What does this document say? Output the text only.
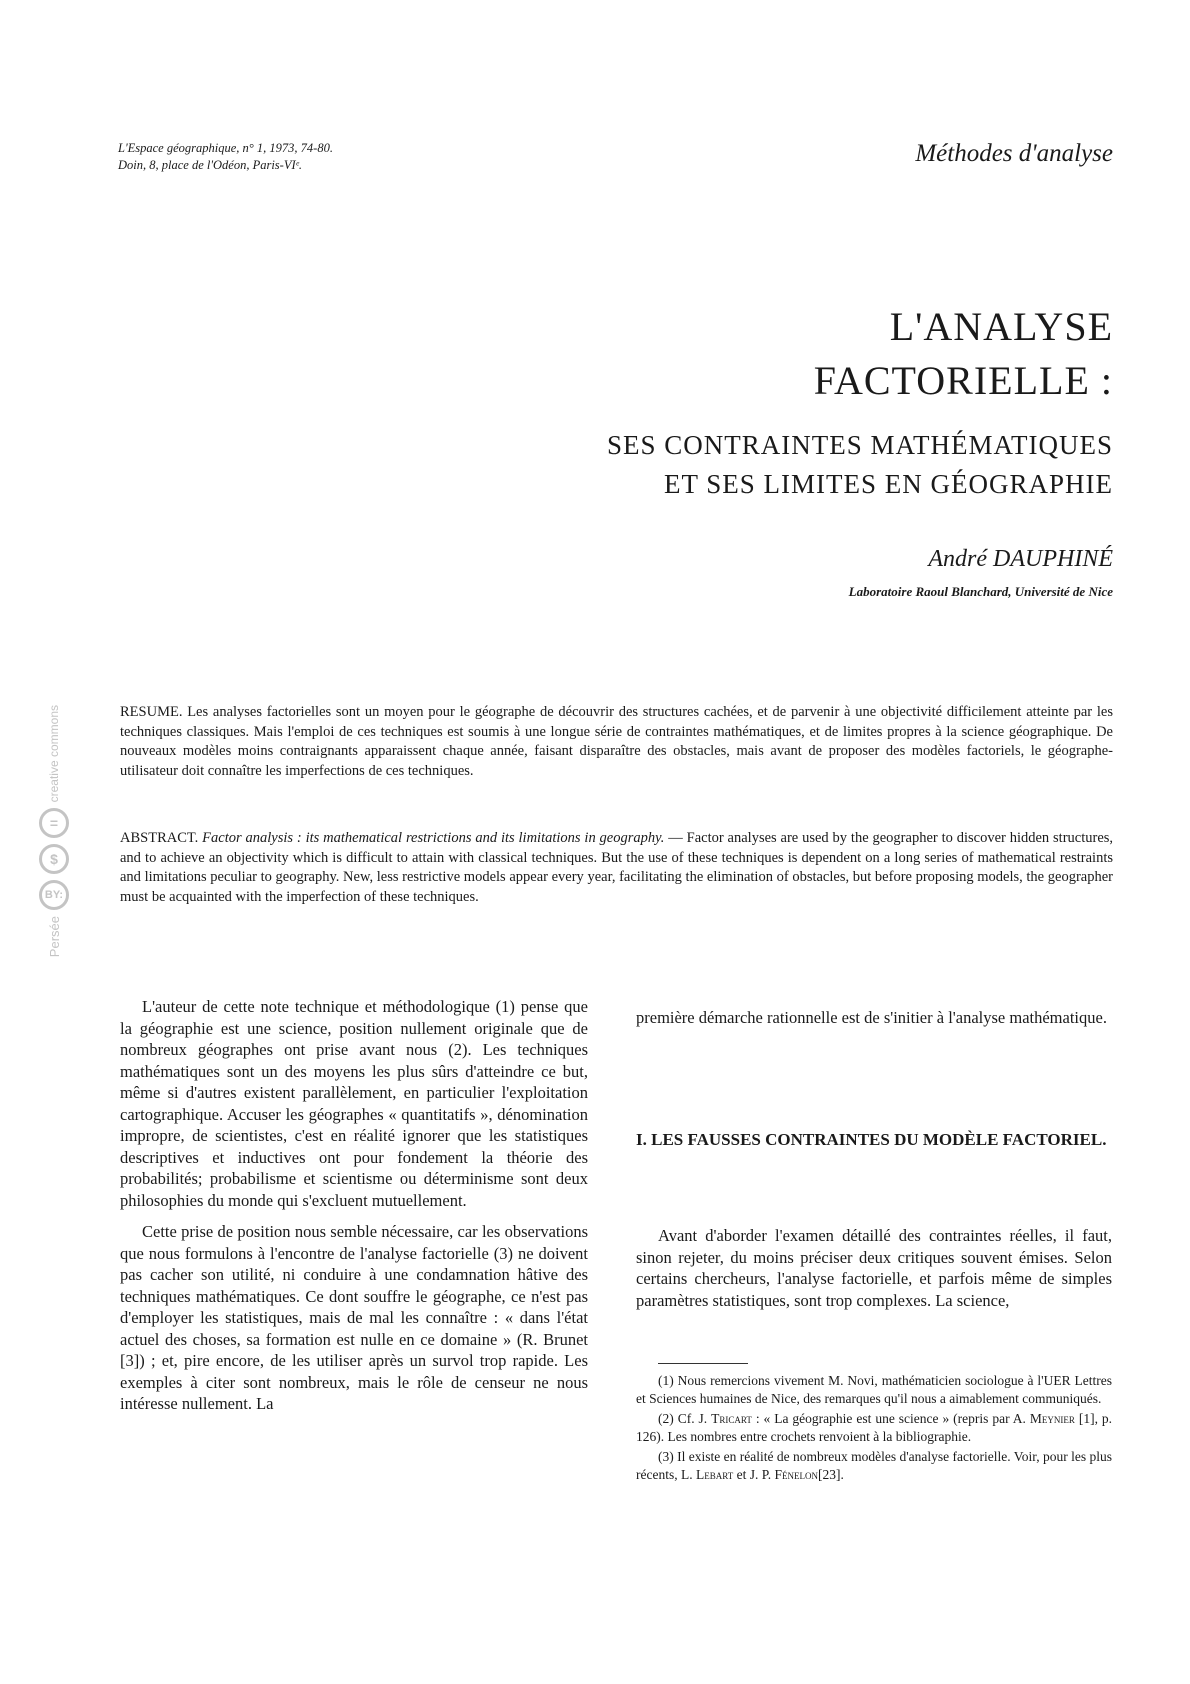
L'Espace géographique, n° 1, 1973, 74-80.
Doin, 8, place de l'Odéon, Paris-VIᵉ.	Méthodes d'analyse
L'ANALYSE
FACTORIELLE :
SES CONTRAINTES MATHÉMATIQUES
ET SES LIMITES EN GÉOGRAPHIE
André DAUPHINÉ
Laboratoire Raoul Blanchard, Université de Nice
creative commons
=
$
BY:
Persée
RESUME. Les analyses factorielles sont un moyen pour le géographe de découvrir des structures cachées, et de parvenir à une objectivité difficilement atteinte par les techniques classiques. Mais l'emploi de ces techniques est soumis à une longue série de contraintes mathématiques, et de limites propres à la science géographique. De nouveaux modèles moins contraignants apparaissent chaque année, faisant disparaître des obstacles, mais avant de proposer des modèles factoriels, le géographe-utilisateur doit connaître les imperfections de ces techniques.
ABSTRACT. Factor analysis : its mathematical restrictions and its limitations in geography. — Factor analyses are used by the geographer to discover hidden structures, and to achieve an objectivity which is difficult to attain with classical techniques. But the use of these techniques is dependent on a long series of mathematical restraints and limitations peculiar to geography. New, less restrictive models appear every year, facilitating the elimination of obstacles, but before proposing models, the geographer must be acquainted with the imperfection of these techniques.

L'auteur de cette note technique et méthodologique (1) pense que la géographie est une science, position nullement originale que de nombreux géographes ont prise avant nous (2). Les techniques mathématiques sont un des moyens les plus sûrs d'atteindre ce but, même si d'autres existent parallèlement, en particulier l'exploitation cartographique. Accuser les géographes « quantitatifs », dénomination impropre, de scientistes, c'est en réalité ignorer que les statistiques descriptives et inductives ont pour fondement la théorie des probabilités; probabilisme et scientisme ou déterminisme sont deux philosophies du monde qui s'excluent mutuellement.

Cette prise de position nous semble nécessaire, car les observations que nous formulons à l'encontre de l'analyse factorielle (3) ne doivent pas cacher son utilité, ni conduire à une condamnation hâtive des techniques mathématiques. Ce dont souffre le géographe, ce n'est pas d'employer les statistiques, mais de mal les connaître : « dans l'état actuel des choses, sa formation est nulle en ce domaine » (R. Brunet [3]) ; et, pire encore, de les utiliser après un survol trop rapide. Les exemples à citer sont nombreux, mais le rôle de censeur ne nous intéresse nullement. La

première démarche rationnelle est de s'initier à l'analyse mathématique.

I. LES FAUSSES CONTRAINTES DU MODÈLE FACTORIEL.

Avant d'aborder l'examen détaillé des contraintes réelles, il faut, sinon rejeter, du moins préciser deux critiques souvent émises. Selon certains chercheurs, l'analyse factorielle, et parfois même de simples paramètres statistiques, sont trop complexes. La science,

(1) Nous remercions vivement M. Novi, mathématicien sociologue à l'UER Lettres et Sciences humaines de Nice, des remarques qu'il nous a aimablement communiqués.

(2) Cf. J. Tricart : « La géographie est une science » (repris par A. Meynier [1], p. 126). Les nombres entre crochets renvoient à la bibliographie.

(3) Il existe en réalité de nombreux modèles d'analyse factorielle. Voir, pour les plus récents, L. Lebart et J. P. Fénelon[23].
